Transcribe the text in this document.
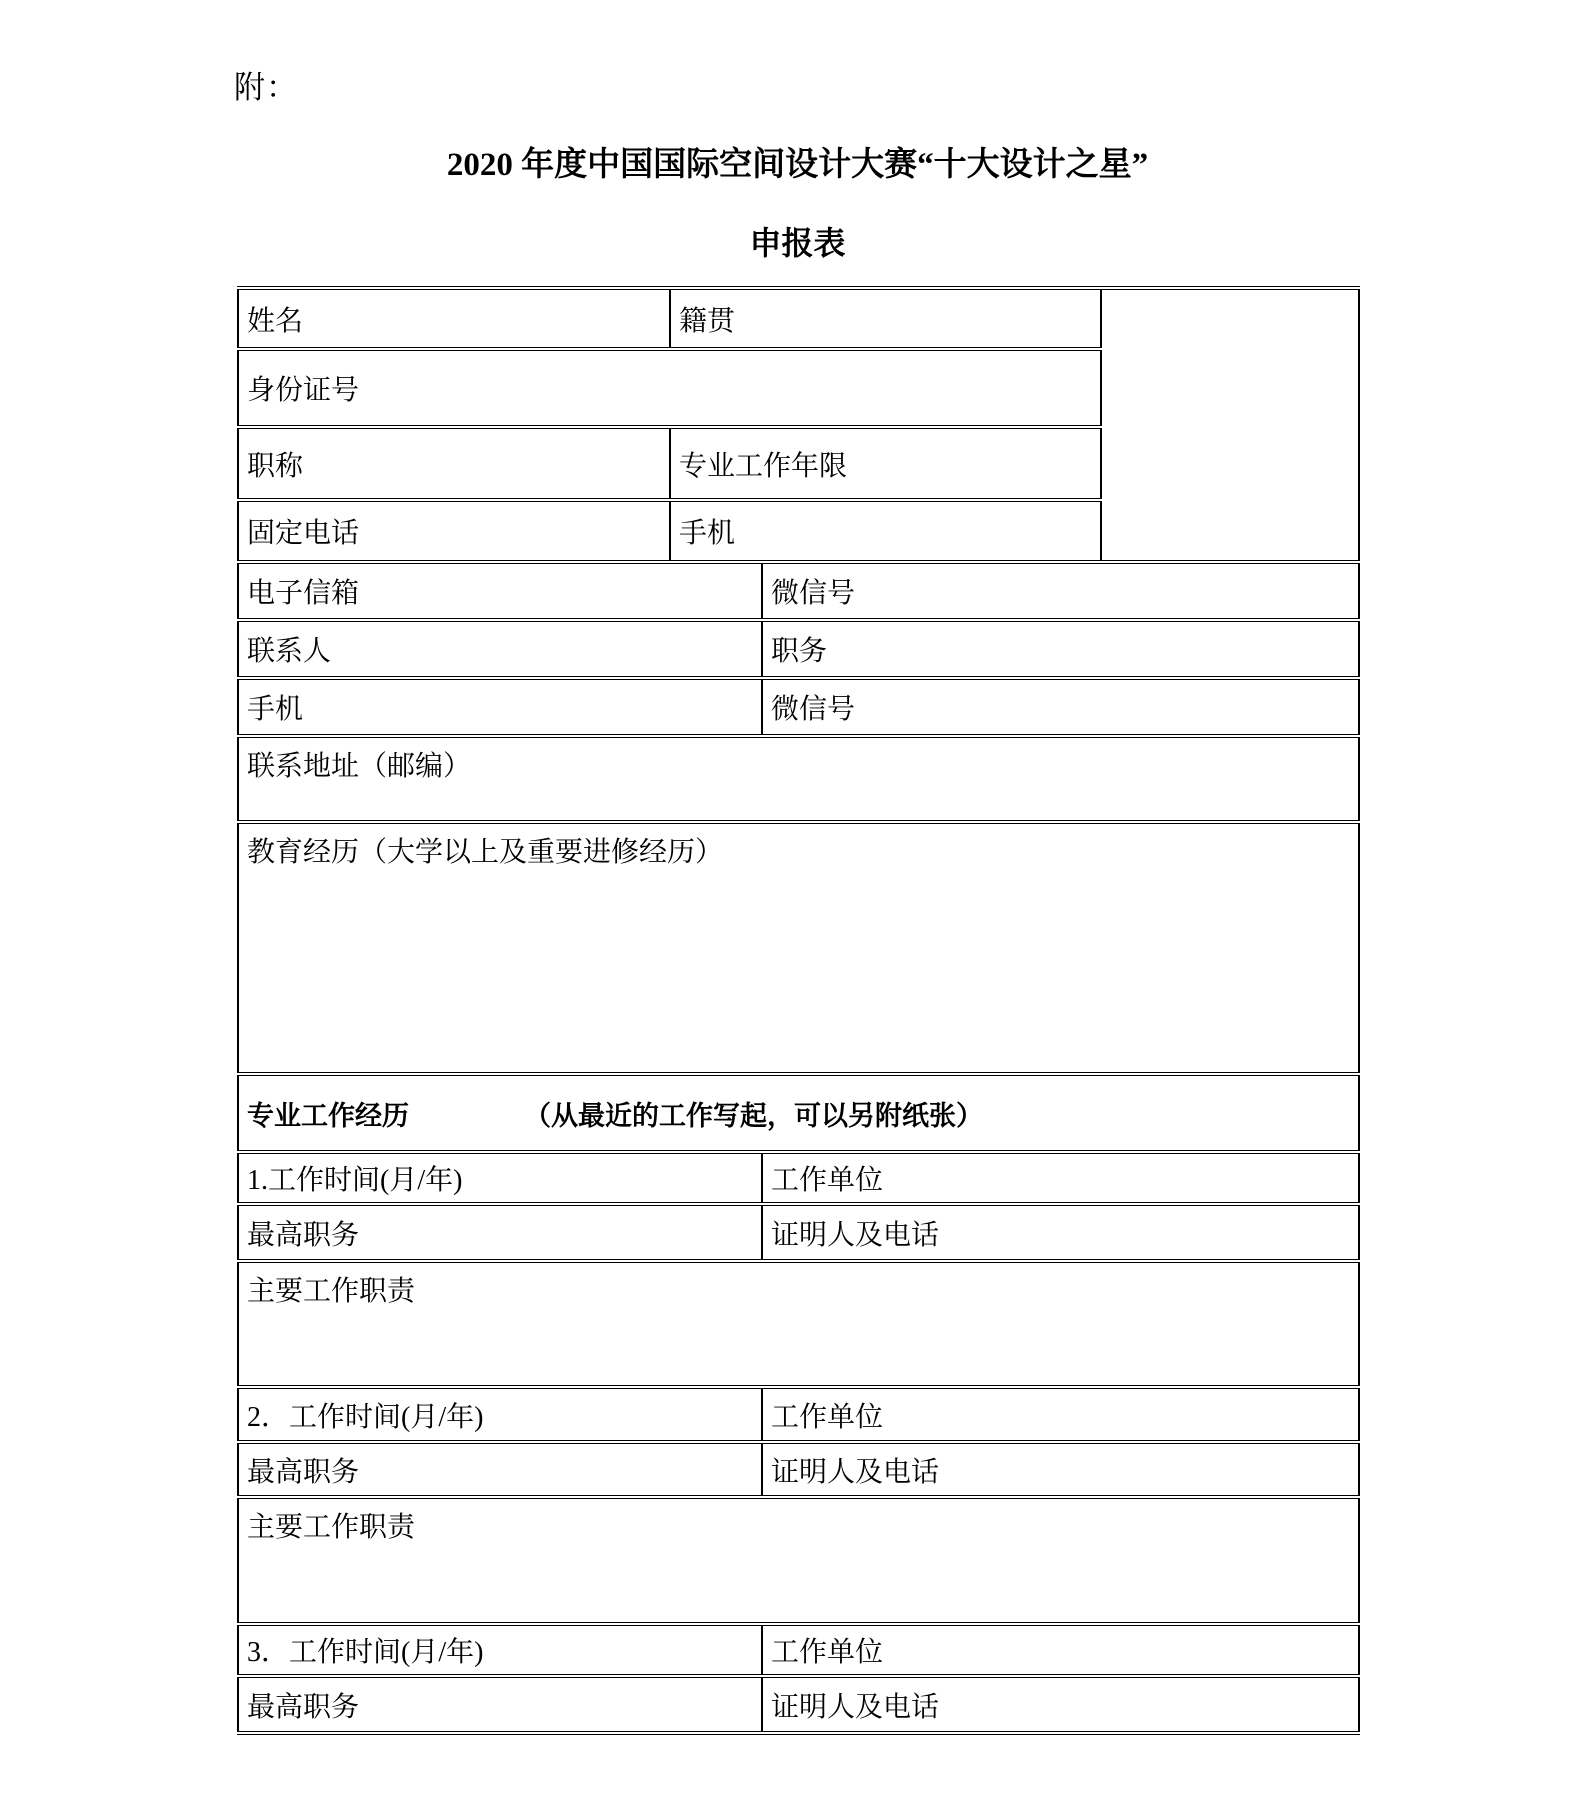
附：
2020 年度中国国际空间设计大赛“十大设计之星”
申报表
姓名	籍贯		
身份证号			
职称	专业工作年限		
固定电话	手机		
电子信箱		微信号	
联系人		职务	
手机		微信号	
联系地址（邮编）			
教育经历（大学以上及重要进修经历）			
专业工作经历 （从最近的工作写起，可以另附纸张）			
1.工作时间(月/年)		工作单位	
最高职务		证明人及电话	
主要工作职责			
2．工作时间(月/年)		工作单位	
最高职务		证明人及电话	
主要工作职责			
3．工作时间(月/年)		工作单位	
最高职务		证明人及电话	
